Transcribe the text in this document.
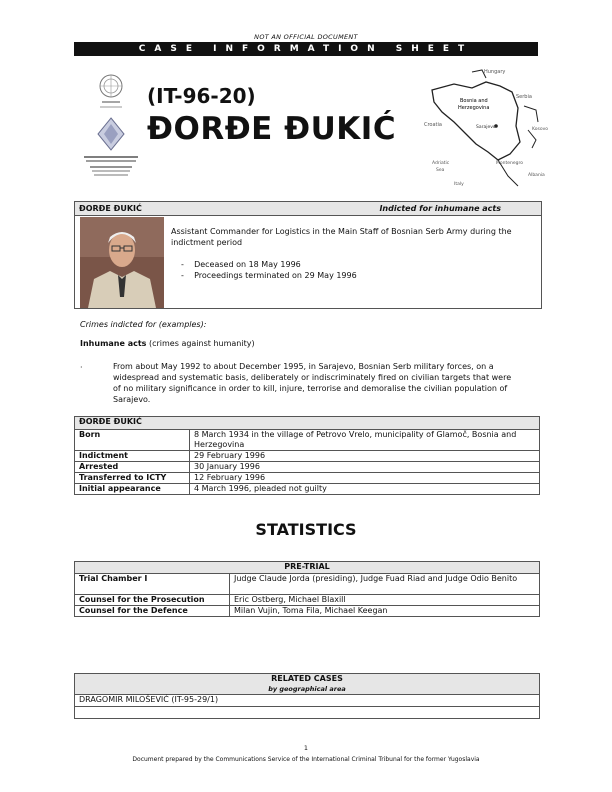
NOT AN OFFICIAL DOCUMENT
CASE INFORMATION SHEET
(IT-96-20)
ĐORĐE ĐUKIĆ
Bosnia and
Herzegovina
Hungary
Croatia	Sarajevo
Serbia
Montenegro
Adriatic
Sea
Kosovo
Italy
Albania
ĐORĐE ĐUKIĆ	Indicted for inhumane acts
Assistant Commander for Logistics in the Main Staff of Bosnian Serb Army during the indictment period
-    Deceased on 18 May 1996
-    Proceedings terminated on 29 May 1996
Crimes indicted for (examples):
Inhumane acts (crimes against humanity)
·	From about May 1992 to about December 1995, in Sarajevo, Bosnian Serb military forces, on a widespread and systematic basis, deliberately or indiscriminately fired on civilian targets that were of no military significance in order to kill, injure, terrorise and demoralise the civilian population of Sarajevo.
ĐORĐE ĐUKIĆ	
Born	8 March 1934 in the village of Petrovo Vrelo, municipality of Glamoč, Bosnia and Herzegovina
Indictment	29 February 1996
Arrested	30 January 1996
Transferred to ICTY	12 February 1996
Initial appearance	4 March 1996, pleaded not guilty
STATISTICS
PRE-TRIAL	
Trial Chamber I	Judge Claude Jorda (presiding), Judge Fuad Riad and Judge Odio Benito
Counsel for the Prosecution	Eric Ostberg, Michael Blaxill
Counsel for the Defence	Milan Vujin, Toma Fila, Michael Keegan
RELATED CASES
by geographical area

DRAGOMIR MILOŠEVIĆ (IT-95-29/1)

1
Document prepared by the Communications Service of the International Criminal Tribunal for the former Yugoslavia
